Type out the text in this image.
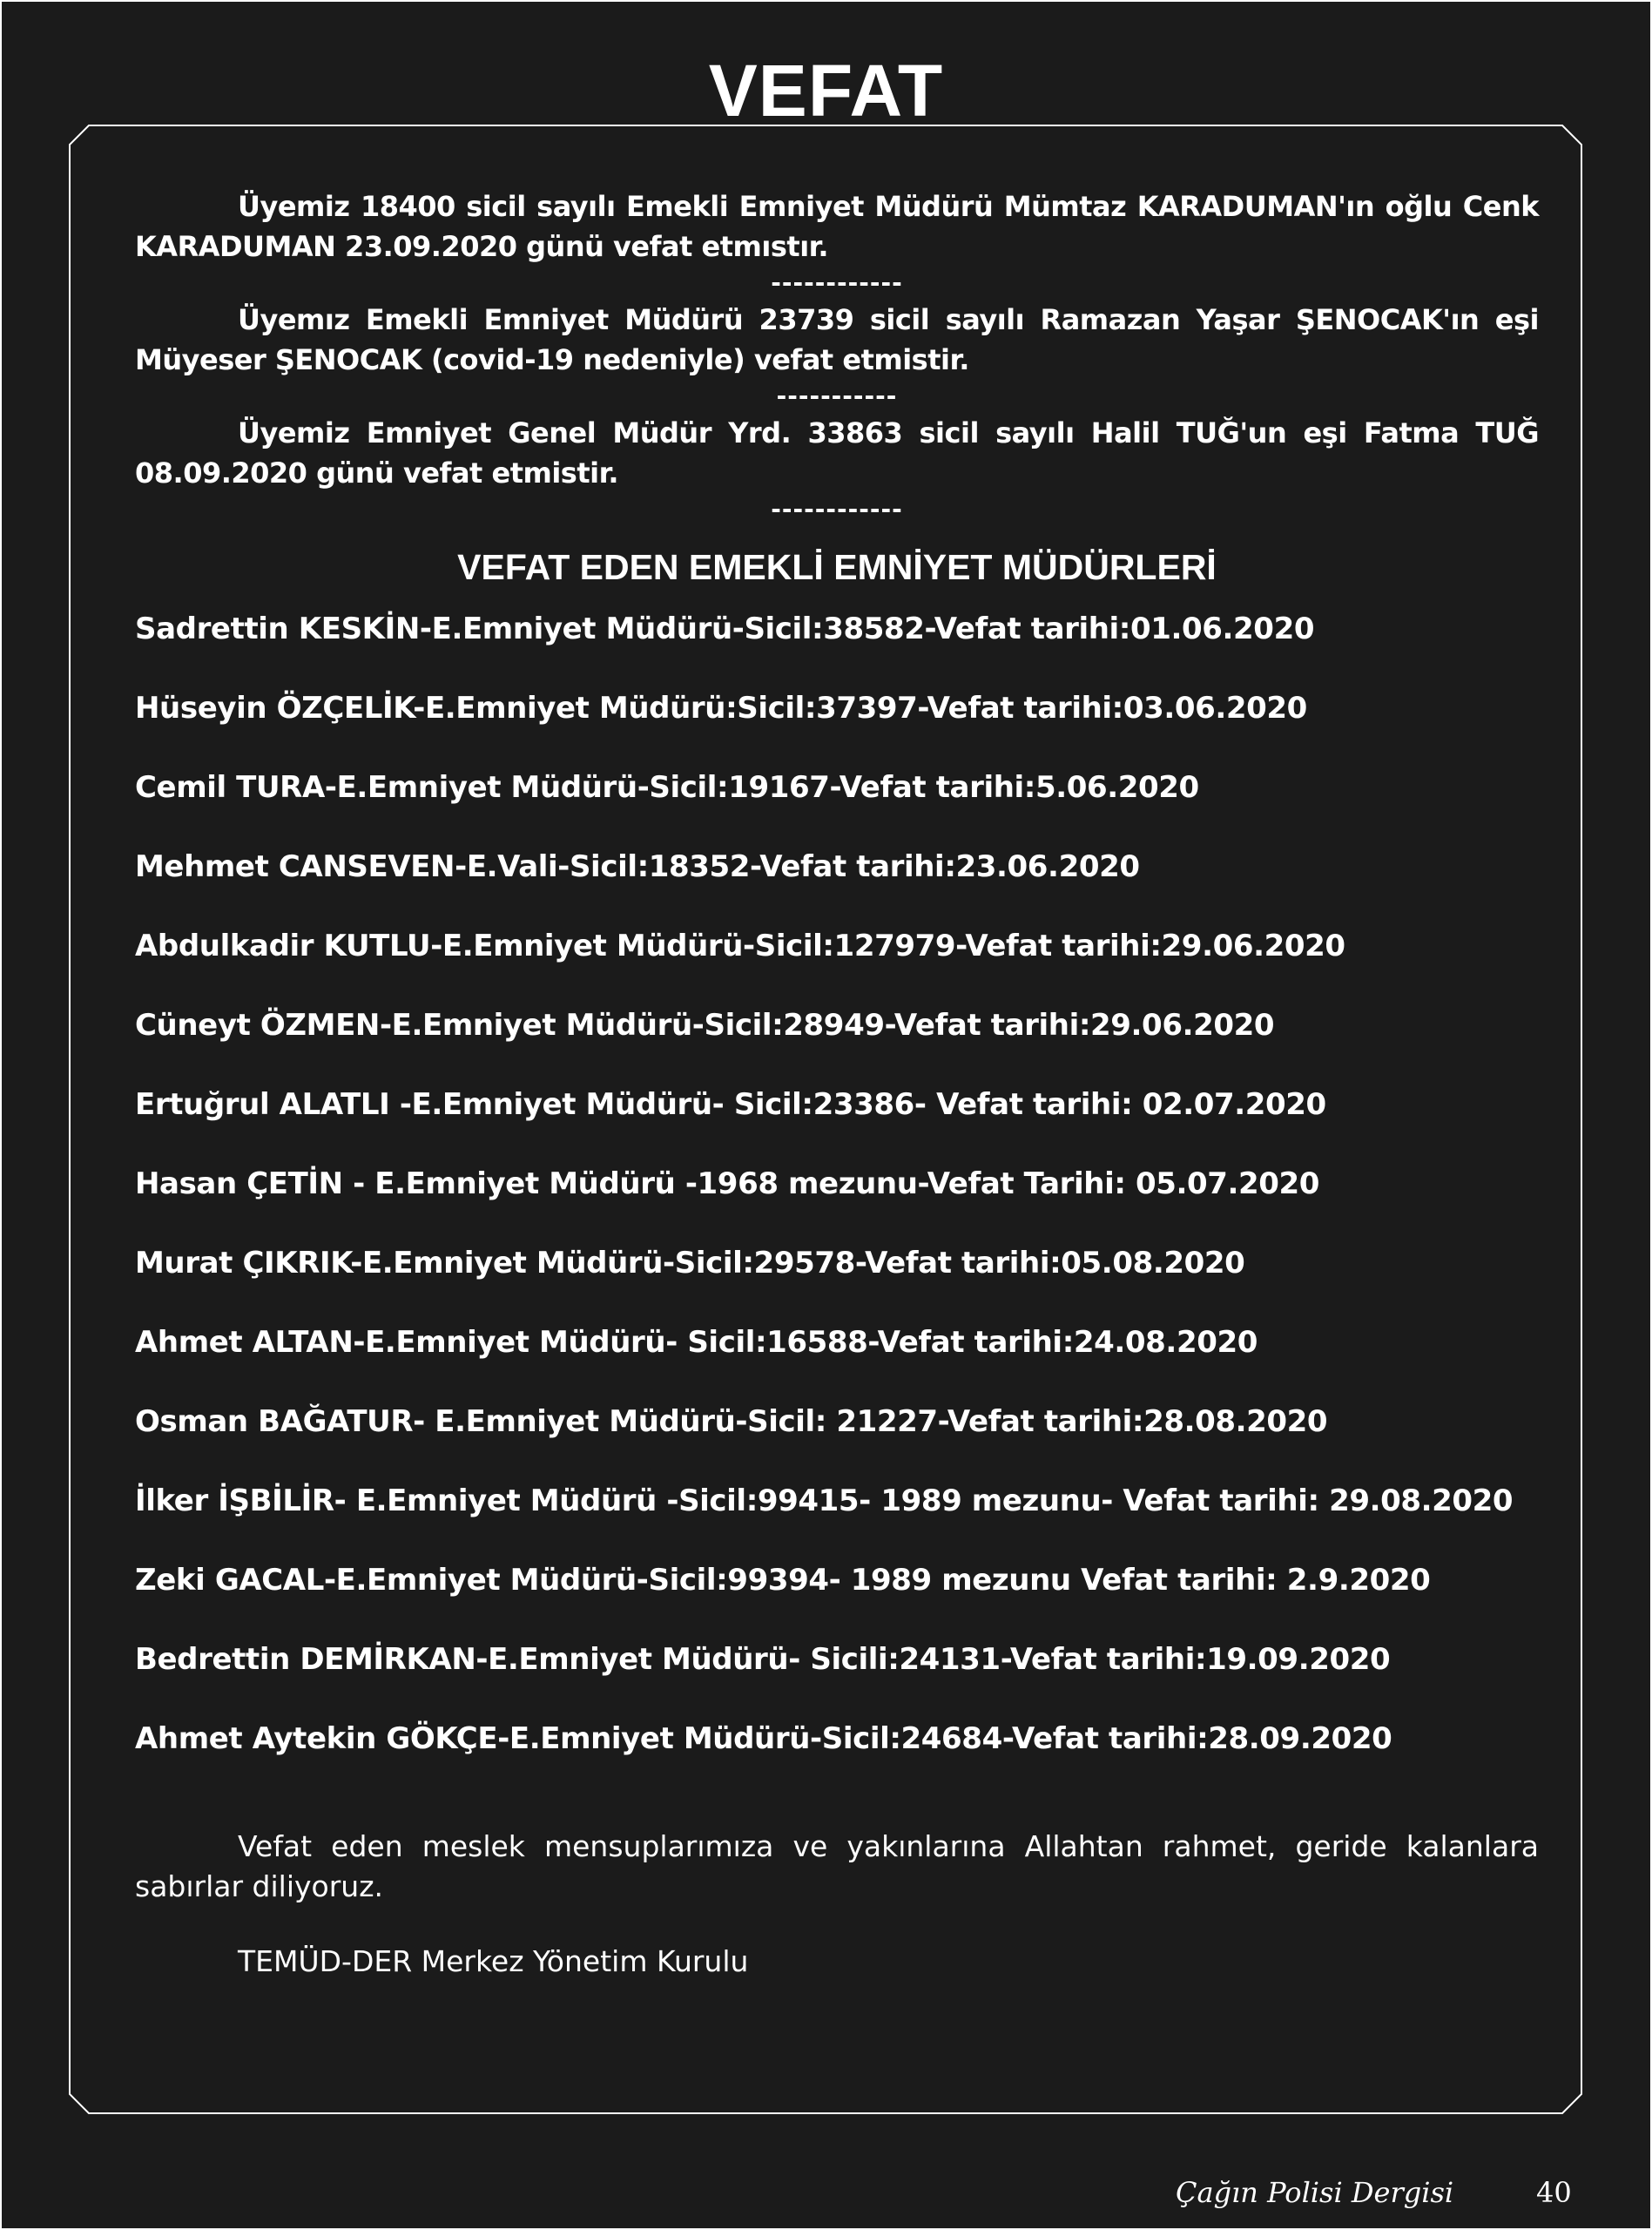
VEFAT

Üyemiz 18400 sicil sayılı Emekli Emniyet Müdürü Mümtaz KARADUMAN'ın oğlu Cenk KARADUMAN 23.09.2020 günü vefat etmıstır.

------------

Üyemız Emekli Emniyet Müdürü 23739 sicil sayılı Ramazan Yaşar ŞENOCAK'ın eşi Müyeser ŞENOCAK (covid-19 nedeniyle) vefat etmistir.

-----------

Üyemiz Emniyet Genel Müdür Yrd. 33863 sicil sayılı Halil TUĞ'un eşi Fatma TUĞ 08.09.2020 günü vefat etmistir.

------------

VEFAT EDEN EMEKLİ EMNİYET MÜDÜRLERİ
Sadrettin KESKİN-E.Emniyet Müdürü-Sicil:38582-Vefat tarihi:01.06.2020
Hüseyin ÖZÇELİK-E.Emniyet Müdürü:Sicil:37397-Vefat tarihi:03.06.2020
Cemil TURA-E.Emniyet Müdürü-Sicil:19167-Vefat tarihi:5.06.2020
Mehmet CANSEVEN-E.Vali-Sicil:18352-Vefat tarihi:23.06.2020
Abdulkadir KUTLU-E.Emniyet Müdürü-Sicil:127979-Vefat tarihi:29.06.2020
Cüneyt ÖZMEN-E.Emniyet Müdürü-Sicil:28949-Vefat tarihi:29.06.2020
Ertuğrul ALATLI -E.Emniyet Müdürü- Sicil:23386- Vefat tarihi: 02.07.2020
Hasan ÇETİN - E.Emniyet Müdürü -1968 mezunu-Vefat Tarihi: 05.07.2020
Murat ÇIKRIK-E.Emniyet Müdürü-Sicil:29578-Vefat tarihi:05.08.2020
Ahmet ALTAN-E.Emniyet Müdürü- Sicil:16588-Vefat tarihi:24.08.2020
Osman BAĞATUR- E.Emniyet Müdürü-Sicil: 21227-Vefat tarihi:28.08.2020
İlker İŞBİLİR- E.Emniyet Müdürü -Sicil:99415- 1989 mezunu- Vefat tarihi: 29.08.2020
Zeki GACAL-E.Emniyet Müdürü-Sicil:99394- 1989 mezunu Vefat tarihi: 2.9.2020
Bedrettin DEMİRKAN-E.Emniyet Müdürü- Sicili:24131-Vefat tarihi:19.09.2020
Ahmet Aytekin GÖKÇE-E.Emniyet Müdürü-Sicil:24684-Vefat tarihi:28.09.2020

Vefat eden meslek mensuplarımıza ve yakınlarına Allahtan rahmet, geride kalanlara sabırlar diliyoruz.

TEMÜD-DER Merkez Yönetim Kurulu

Çağın Polisi Dergisi	40
